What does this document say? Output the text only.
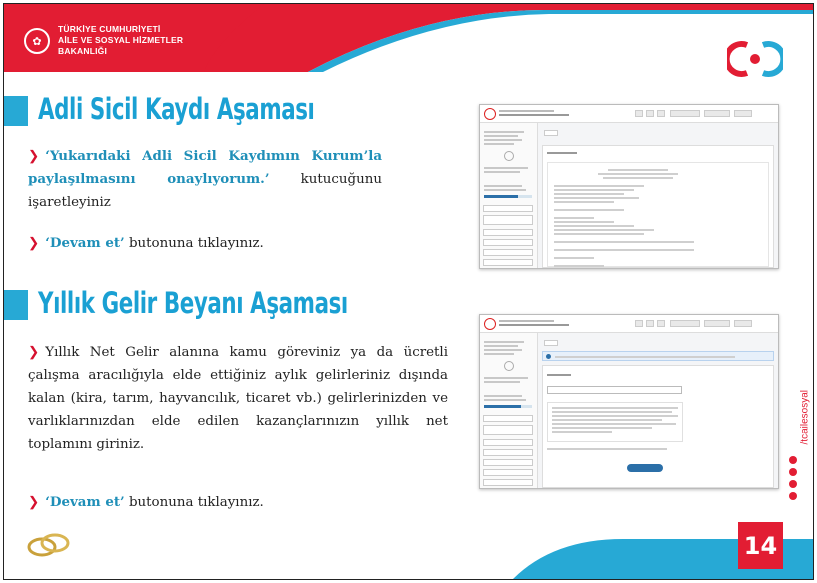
✿
TÜRKİYE CUMHURİYETİ
AİLE VE SOSYAL HİZMETLER
BAKANLIĞI
Adli Sicil Kaydı Aşaması
❯ ‘Yukarıdaki Adli Sicil Kaydımın Kurum’la paylaşılmasını onaylıyorum.’ kutucuğunu işaretleyiniz
❯ ‘Devam et’ butonuna tıklayınız.
Yıllık Gelir Beyanı Aşaması
❯ Yıllık Net Gelir alanına kamu göreviniz ya da ücretli çalışma aracılığıyla elde ettiğiniz aylık gelirleriniz dışında kalan (kira, tarım, hayvancılık, ticaret vb.) gelirlerinizden ve varlıklarınızdan elde edilen kazançlarınızın yıllık net toplamını giriniz.
❯ ‘Devam et’ butonuna tıklayınız.
14
/tcailesosyal
